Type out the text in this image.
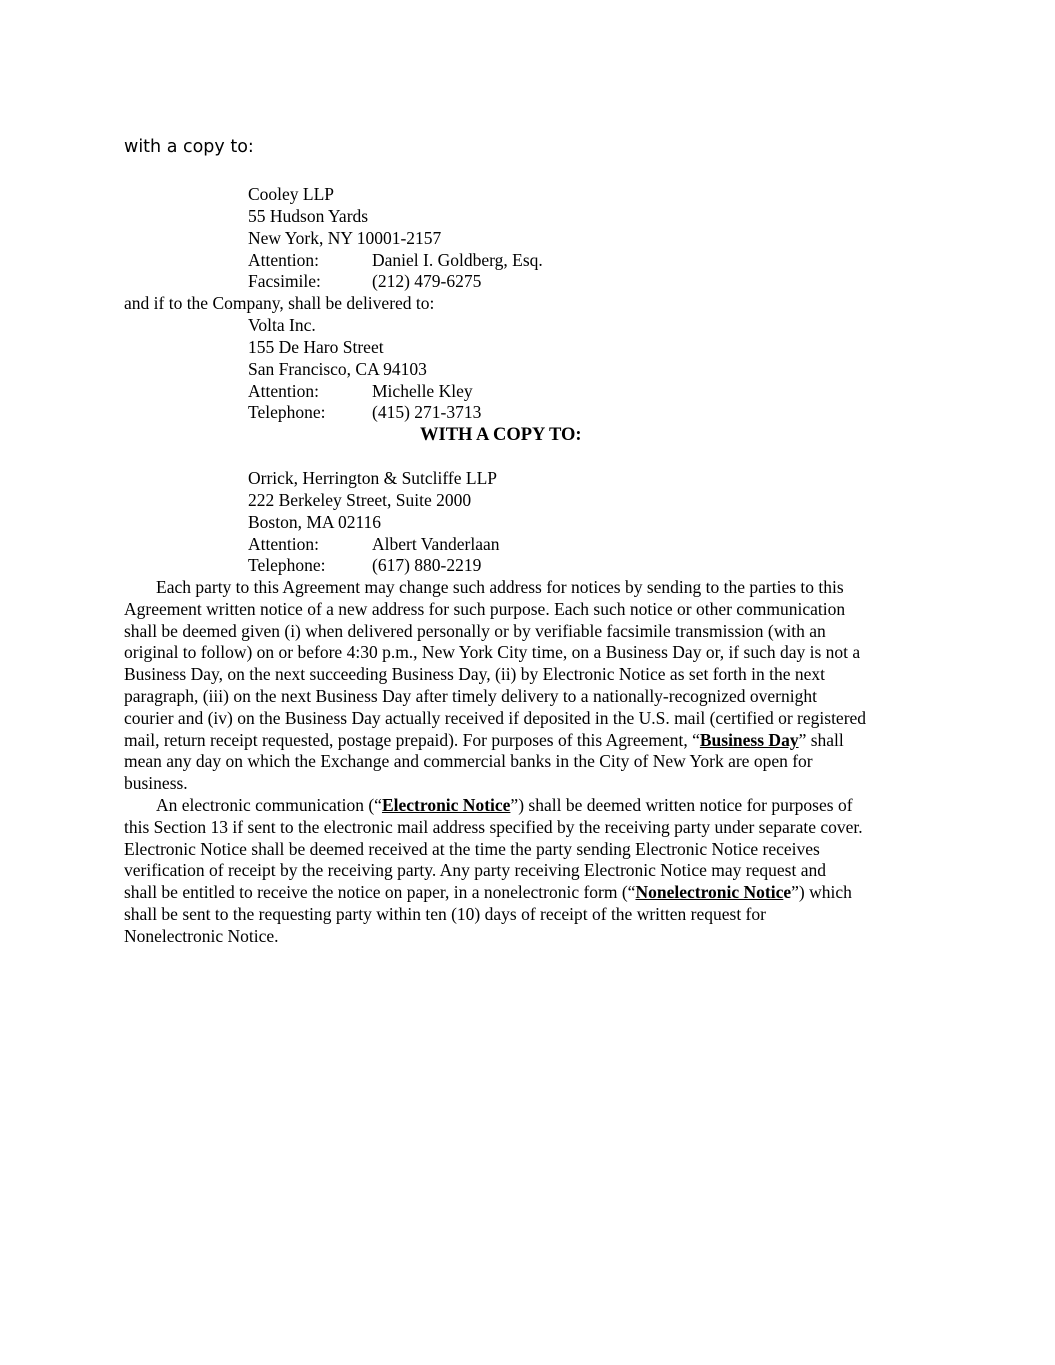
with a copy to:
Cooley LLP
55 Hudson Yards
New York, NY 10001-2157
Attention:	Daniel I. Goldberg, Esq.
Facsimile:	(212) 479-6275
and if to the Company, shall be delivered to:
Volta Inc.
155 De Haro Street
San Francisco, CA 94103
Attention:	Michelle Kley
Telephone:	(415) 271-3713
WITH A COPY TO:
Orrick, Herrington & Sutcliffe LLP
222 Berkeley Street, Suite 2000
Boston, MA 02116
Attention:	Albert Vanderlaan
Telephone:	(617) 880-2219
Each party to this Agreement may change such address for notices by sending to the parties to this
Agreement written notice of a new address for such purpose. Each such notice or other communication
shall be deemed given (i) when delivered personally or by verifiable facsimile transmission (with an
original to follow) on or before 4:30 p.m., New York City time, on a Business Day or, if such day is not a
Business Day, on the next succeeding Business Day, (ii) by Electronic Notice as set forth in the next
paragraph, (iii) on the next Business Day after timely delivery to a nationally-recognized overnight
courier and (iv) on the Business Day actually received if deposited in the U.S. mail (certified or registered
mail, return receipt requested, postage prepaid). For purposes of this Agreement, “Business Day” shall
mean any day on which the Exchange and commercial banks in the City of New York are open for
business.
An electronic communication (“Electronic Notice”) shall be deemed written notice for purposes of
this Section 13 if sent to the electronic mail address specified by the receiving party under separate cover.
Electronic Notice shall be deemed received at the time the party sending Electronic Notice receives
verification of receipt by the receiving party. Any party receiving Electronic Notice may request and
shall be entitled to receive the notice on paper, in a nonelectronic form (“Nonelectronic Notice”) which
shall be sent to the requesting party within ten (10) days of receipt of the written request for
Nonelectronic Notice.
